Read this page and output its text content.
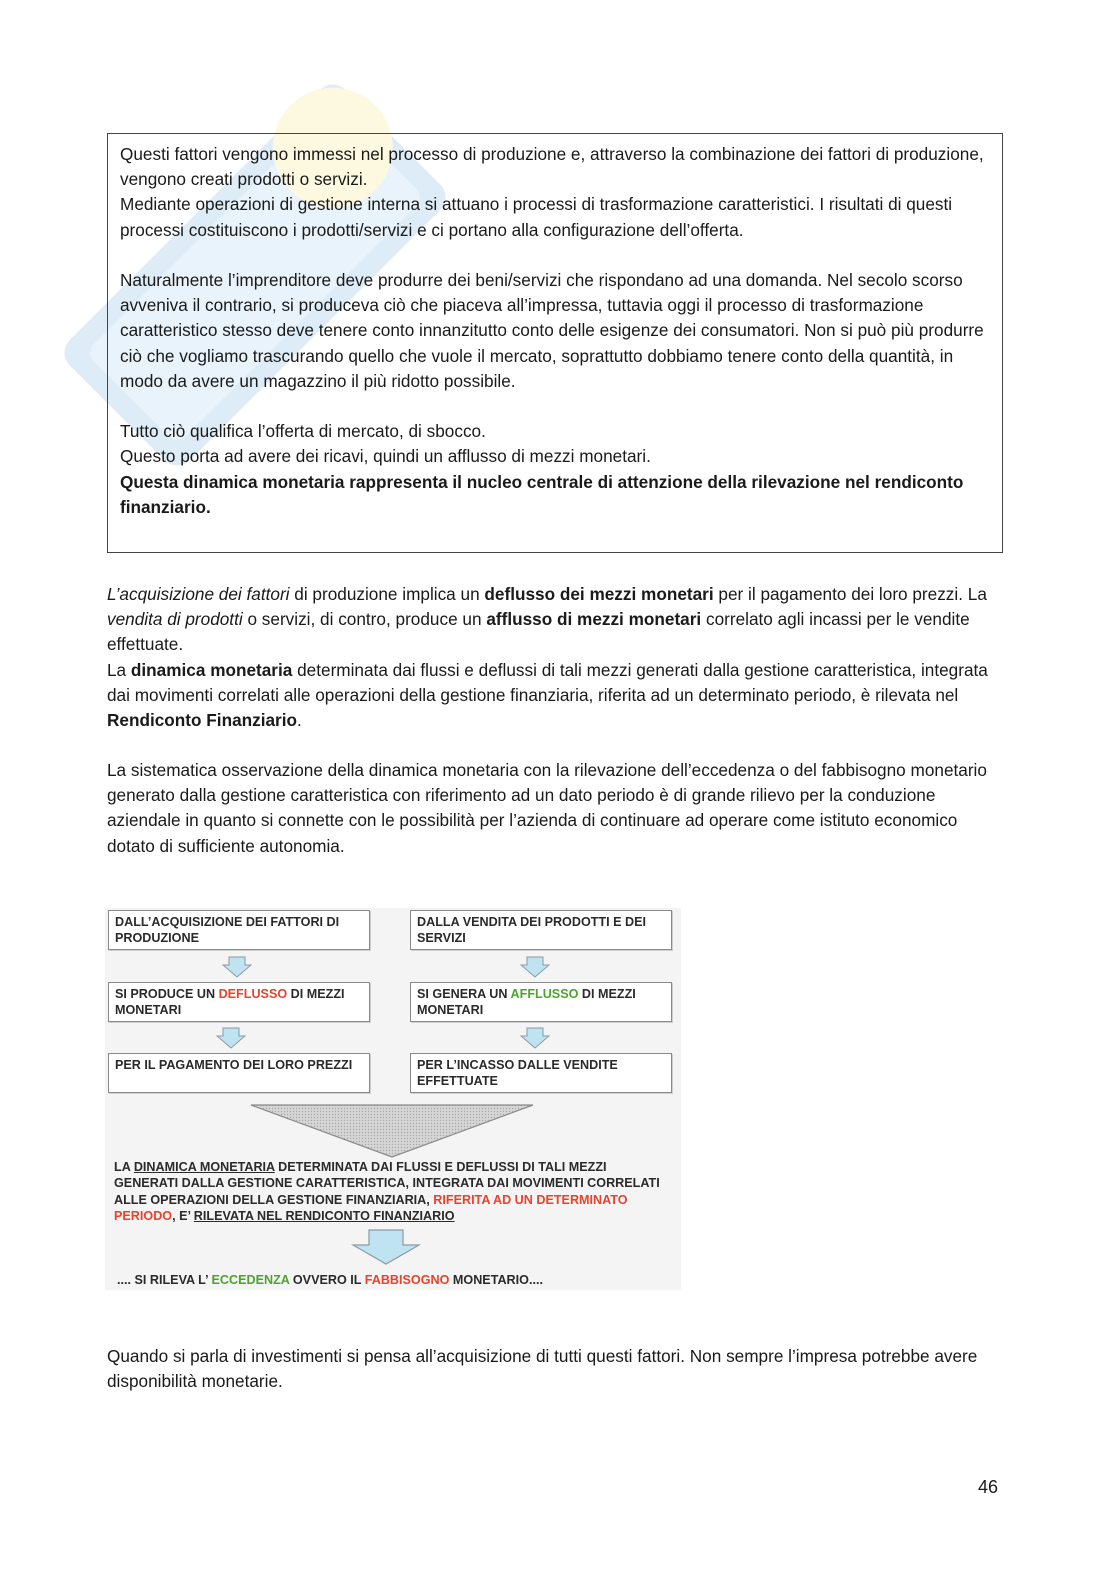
Questi fattori vengono immessi nel processo di produzione e, attraverso la combinazione dei fattori di produzione, vengono creati prodotti o servizi.

Mediante operazioni di gestione interna si attuano i processi di trasformazione caratteristici. I risultati di questi processi costituiscono i prodotti/servizi e ci portano alla configurazione dell’offerta.

Naturalmente l’imprenditore deve produrre dei beni/servizi che rispondano ad una domanda. Nel secolo scorso avveniva il contrario, si produceva ciò che piaceva all’impressa, tuttavia oggi il processo di trasformazione caratteristico stesso deve tenere conto innanzitutto conto delle esigenze dei consumatori. Non si può più produrre ciò che vogliamo trascurando quello che vuole il mercato, soprattutto dobbiamo tenere conto della quantità, in modo da avere un magazzino il più ridotto possibile.

Tutto ciò qualifica l’offerta di mercato, di sbocco.

Questo porta ad avere dei ricavi, quindi un afflusso di mezzi monetari.

Questa dinamica monetaria rappresenta il nucleo centrale di attenzione della rilevazione nel rendiconto finanziario.

L’acquisizione dei fattori di produzione implica un deflusso dei mezzi monetari per il pagamento dei loro prezzi. La vendita di prodotti o servizi, di contro, produce un afflusso di mezzi monetari correlato agli incassi per le vendite effettuate.

La dinamica monetaria determinata dai flussi e deflussi di tali mezzi generati dalla gestione caratteristica, integrata dai movimenti correlati alle operazioni della gestione finanziaria, riferita ad un determinato periodo, è rilevata nel Rendiconto Finanziario.

La sistematica osservazione della dinamica monetaria con la rilevazione dell’eccedenza o del fabbisogno monetario generato dalla gestione caratteristica con riferimento ad un dato periodo è di grande rilievo per la conduzione aziendale in quanto si connette con le possibilità per l’azienda di continuare ad operare come istituto economico dotato di sufficiente autonomia.

DALL’ACQUISIZIONE DEI FATTORI DI PRODUZIONE
DALLA VENDITA DEI PRODOTTI E DEI SERVIZI
SI PRODUCE UN DEFLUSSO DI MEZZI MONETARI
SI GENERA UN AFFLUSSO DI MEZZI MONETARI
PER IL PAGAMENTO DEI LORO PREZZI	PER L’INCASSO DALLE VENDITE EFFETTUATE
LA DINAMICA MONETARIA DETERMINATA DAI FLUSSI E DEFLUSSI DI TALI MEZZI GENERATI DALLA GESTIONE CARATTERISTICA, INTEGRATA DAI MOVIMENTI CORRELATI ALLE OPERAZIONI DELLA GESTIONE FINANZIARIA, RIFERITA AD UN DETERMINATO PERIODO, E’ RILEVATA NEL RENDICONTO FINANZIARIO
.... SI RILEVA L’ ECCEDENZA OVVERO IL FABBISOGNO MONETARIO....

Quando si parla di investimenti si pensa all’acquisizione di tutti questi fattori. Non sempre l’impresa potrebbe avere disponibilità monetarie.

46
